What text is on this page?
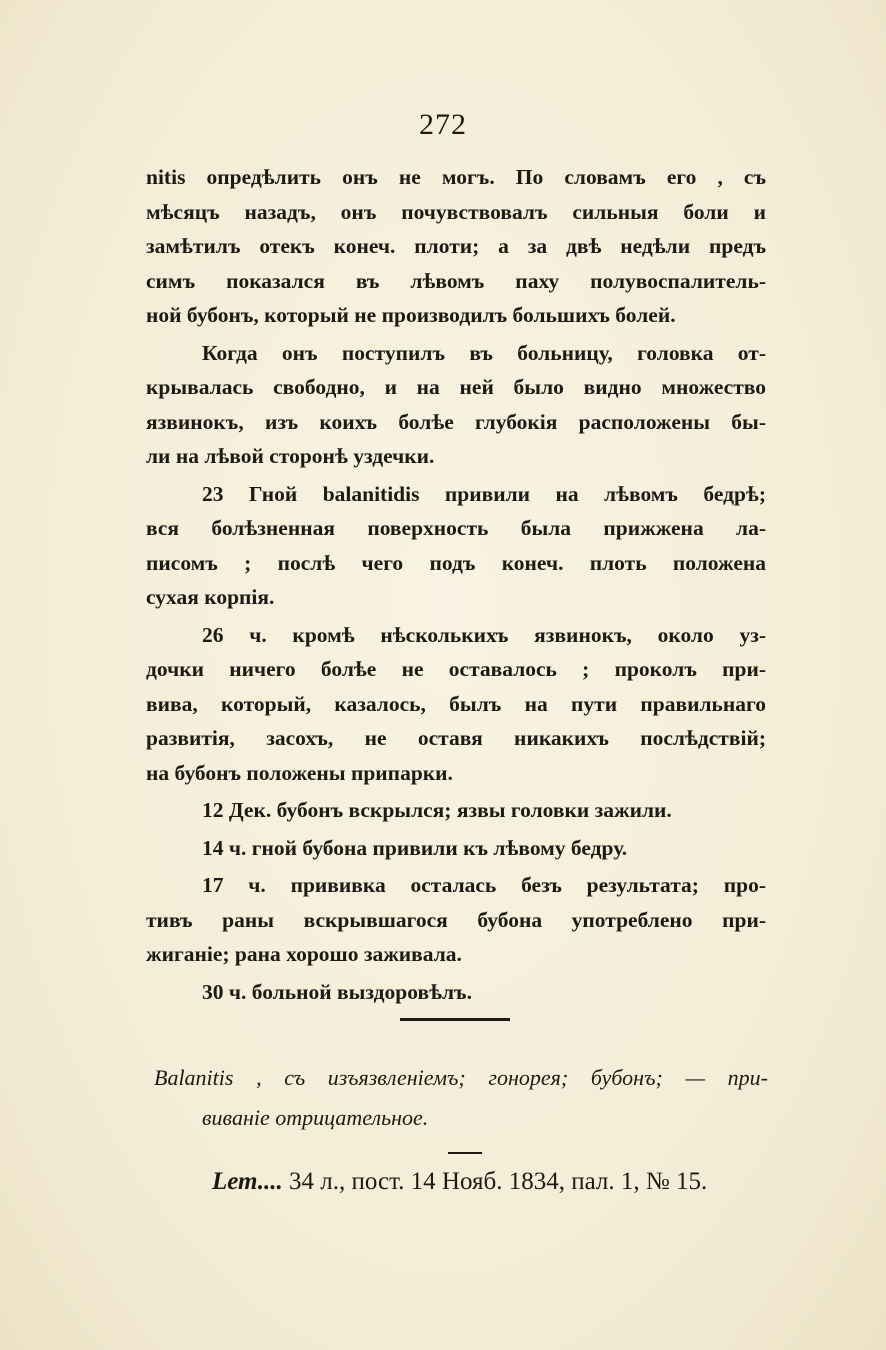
272
nitis опредѣлить онъ не могъ. По словамъ его , съ
мѣсяцъ назадъ, онъ почувствовалъ сильныя боли и
замѣтилъ отекъ конеч. плоти; а за двѣ недѣли предъ
симъ показался въ лѣвомъ паху полувоспалитель-
ной бубонъ, который не производилъ большихъ болей.
Когда онъ поступилъ въ больницу, головка от-
крывалась свободно, и на ней было видно множество
язвинокъ, изъ коихъ болѣе глубокія расположены бы-
ли на лѣвой сторонѣ уздечки.
23 Гной balanitidis привили на лѣвомъ бедрѣ;
вся болѣзненная поверхность была прижжена ла-
писомъ ; послѣ чего подъ конеч. плоть положена
сухая корпія.
26 ч. кромѣ нѣсколькихъ язвинокъ, около уз-
дочки ничего болѣе не оставалось ; проколъ при-
вива, который, казалось, былъ на пути правильнаго
развитія, засохъ, не оставя никакихъ послѣдствій;
на бубонъ положены припарки.
12 Дек. бубонъ вскрылся; язвы головки зажили.
14 ч. гной бубона привили къ лѣвому бедру.
17 ч. прививка осталась безъ результата; про-
тивъ раны вскрывшагося бубона употреблено при-
жиганіе; рана хорошо заживала.
30 ч. больной выздоровѣлъ.
Balanitis , съ изъязвленіемъ; гонорея; бубонъ; — при-
виваніе отрицательное.
Lет.... 34 л., пост. 14 Нояб. 1834, пал. 1, № 15.
